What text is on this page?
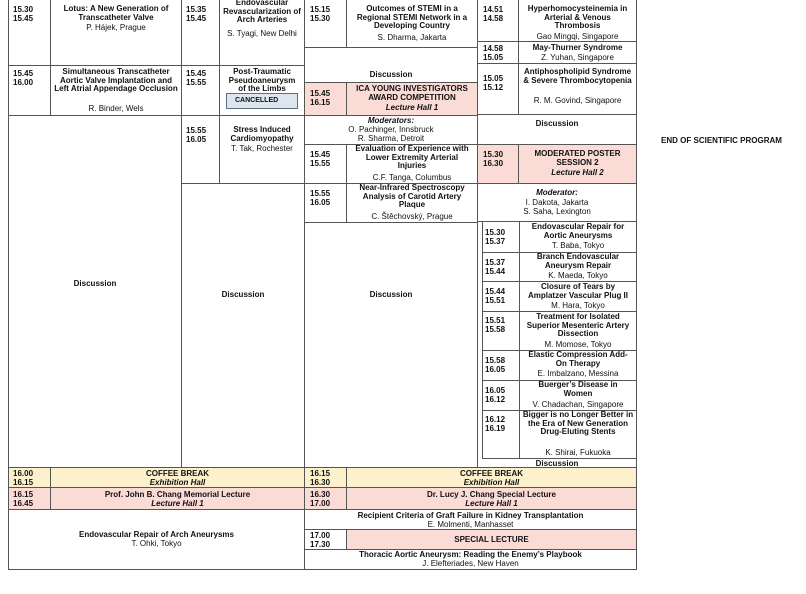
15.30
15.45
Lotus: A New Generation of Transcatheter Valve
P. Hájek, Prague
15.45
16.00
Simultaneous Transcatheter Aortic Valve Implantation and Left Atrial Appendage Occlusion
R. Binder, Wels
Discussion
16.00
16.15
COFFEE BREAK
Exhibition Hall
16.15
16.45
Prof. John B. Chang Memorial Lecture
Lecture Hall 1
Endovascular Repair of Arch Aneurysms
T. Ohki, Tokyo
15.35
15.45
Endovascular Revascularization of Arch Arteries
S. Tyagi, New Delhi
15.45
15.55
Post-Traumatic Pseudoaneurysm of the Limbs
CANCELLED
15.55
16.05
Stress Induced Cardiomyopathy
T. Tak, Rochester
Discussion
15.15
15.30
Outcomes of STEMI in a Regional STEMI Network in a Developing Country
S. Dharma, Jakarta
Discussion
15.45
16.15
ICA YOUNG INVESTIGATORS AWARD COMPETITION
Lecture Hall 1
Moderators:
O. Pachinger, Innsbruck
R. Sharma, Detroit
15.45
15.55
Evaluation of Experience with Lower Extremity Arterial Injuries
C.F. Tanga, Columbus
15.55
16.05
Near-Infrared Spectroscopy Analysis of Carotid Artery Plaque
C. Štěchovský, Prague
Discussion
16.15
16.30
COFFEE BREAK
Exhibition Hall
16.30
17.00
Dr. Lucy J. Chang Special Lecture
Lecture Hall 1
Recipient Criteria of Graft Failure in Kidney Transplantation
E. Molmenti, Manhasset
17.00
17.30
SPECIAL LECTURE
Thoracic Aortic Aneurysm: Reading the Enemy’s Playbook
J. Elefteriades, New Haven
14.51
14.58
Hyperhomocysteinemia in Arterial & Venous Thrombosis
Gao Mingqi, Singapore
14.58
15.05
May-Thurner Syndrome
Z. Yuhan, Singapore
15.05
15.12
Antiphospholipid Syndrome & Severe Thrombocytopenia
R. M. Govind, Singapore
Discussion
15.30
16.30
MODERATED POSTER SESSION 2
Lecture Hall 2
Moderator:
I. Dakota, Jakarta
S. Saha, Lexington
15.30
15.37
Endovascular Repair for Aortic Aneurysms
T. Baba, Tokyo
15.37
15.44
Branch Endovascular Aneurysm Repair
K. Maeda, Tokyo
15.44
15.51
Closure of Tears by Amplatzer Vascular Plug II
M. Hara, Tokyo
15.51
15.58
Treatment for Isolated Superior Mesenteric Artery Dissection
M. Momose, Tokyo
15.58
16.05
Elastic Compression Add-On Therapy
E. Imbalzano, Messina
16.05
16.12
Buerger’s Disease in Women
V. Chadachan, Singapore
16.12
16.19
Bigger is no Longer Better in the Era of New Generation Drug-Eluting Stents
K. Shirai, Fukuoka
Discussion
END OF SCIENTIFIC PROGRAM
